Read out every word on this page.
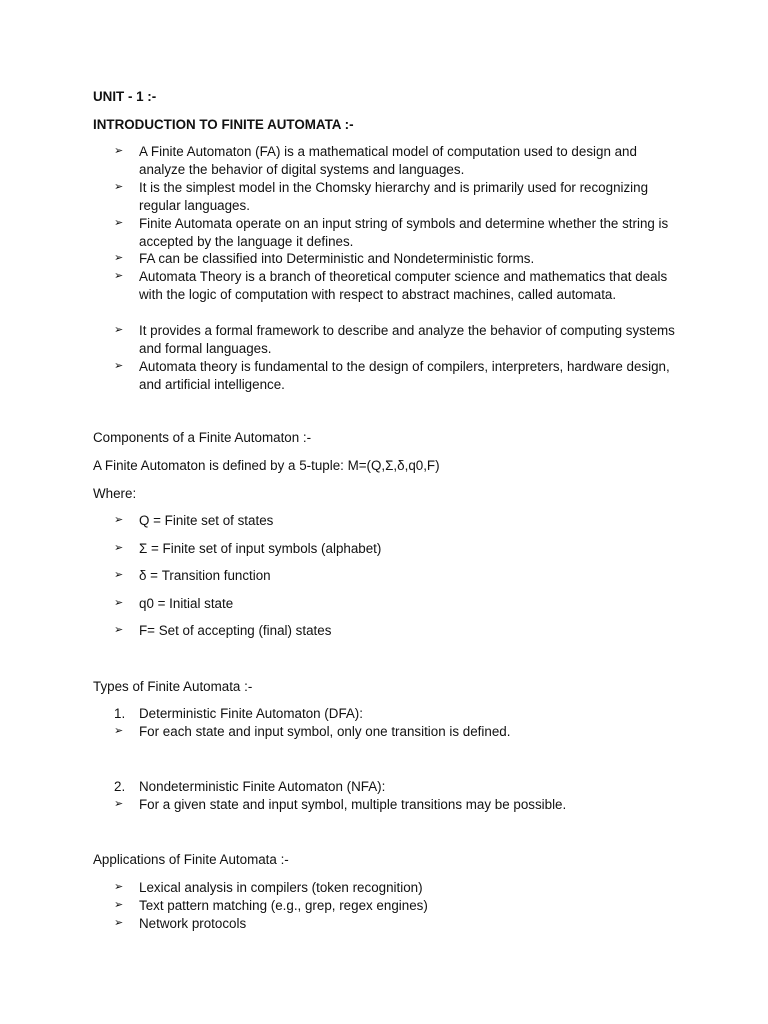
UNIT - 1 :-
INTRODUCTION TO FINITE AUTOMATA :-
➢ A Finite Automaton (FA) is a mathematical model of computation used to design and analyze the behavior of digital systems and languages.
➢ It is the simplest model in the Chomsky hierarchy and is primarily used for recognizing regular languages.
➢ Finite Automata operate on an input string of symbols and determine whether the string is accepted by the language it defines.
➢ FA can be classified into Deterministic and Nondeterministic forms.
➢ Automata Theory is a branch of theoretical computer science and mathematics that deals with the logic of computation with respect to abstract machines, called automata.
➢ It provides a formal framework to describe and analyze the behavior of computing systems and formal languages.
➢ Automata theory is fundamental to the design of compilers, interpreters, hardware design, and artificial intelligence.
Components of a Finite Automaton :-
A Finite Automaton is defined by a 5-tuple: M=(Q,Σ,δ,q0,F)
Where:
➢ Q = Finite set of states
➢ Σ = Finite set of input symbols (alphabet)
➢ δ = Transition function
➢ q0 = Initial state
➢ F= Set of accepting (final) states
Types of Finite Automata :-
1. Deterministic Finite Automaton (DFA):
➢ For each state and input symbol, only one transition is defined.
2. Nondeterministic Finite Automaton (NFA):
➢ For a given state and input symbol, multiple transitions may be possible.
Applications of Finite Automata :-
➢ Lexical analysis in compilers (token recognition)
➢ Text pattern matching (e.g., grep, regex engines)
➢ Network protocols
